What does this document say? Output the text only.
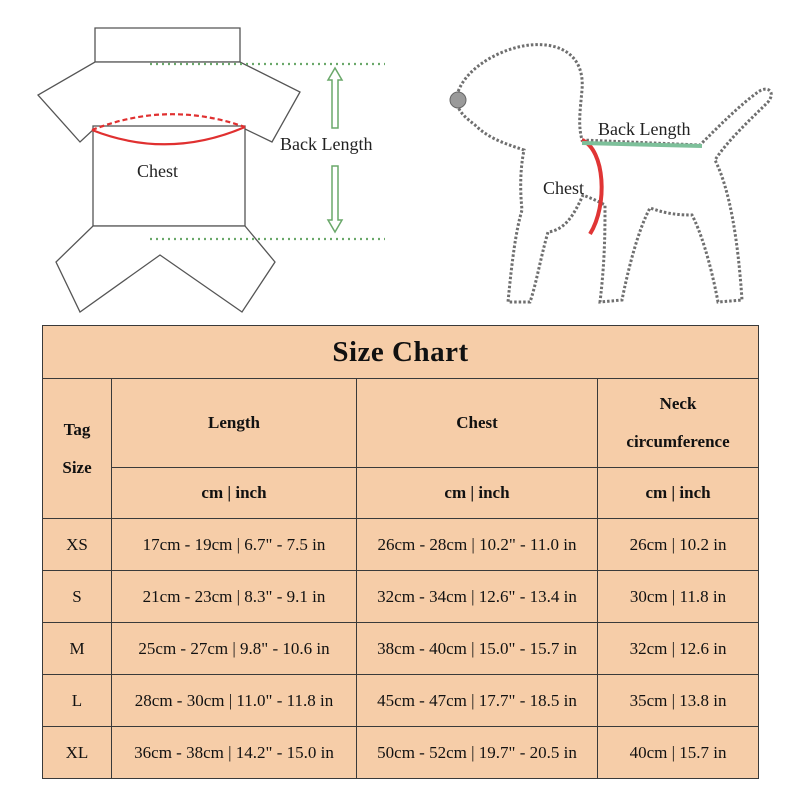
Back Length
Chest
Back Length
Chest
Size Chart			
Tag
Size	Length	Chest	Neck
circumference
	cm | inch	cm | inch	cm | inch
XS	17cm - 19cm | 6.7" - 7.5 in	26cm - 28cm | 10.2" - 11.0 in	26cm | 10.2 in
S	21cm - 23cm | 8.3" - 9.1 in	32cm - 34cm | 12.6" - 13.4 in	30cm | 11.8 in
M	25cm - 27cm | 9.8" - 10.6 in	38cm - 40cm | 15.0" - 15.7 in	32cm | 12.6 in
L	28cm - 30cm | 11.0" - 11.8 in	45cm - 47cm | 17.7" - 18.5 in	35cm | 13.8 in
XL	36cm - 38cm | 14.2" - 15.0 in	50cm - 52cm | 19.7" - 20.5 in	40cm | 15.7 in
